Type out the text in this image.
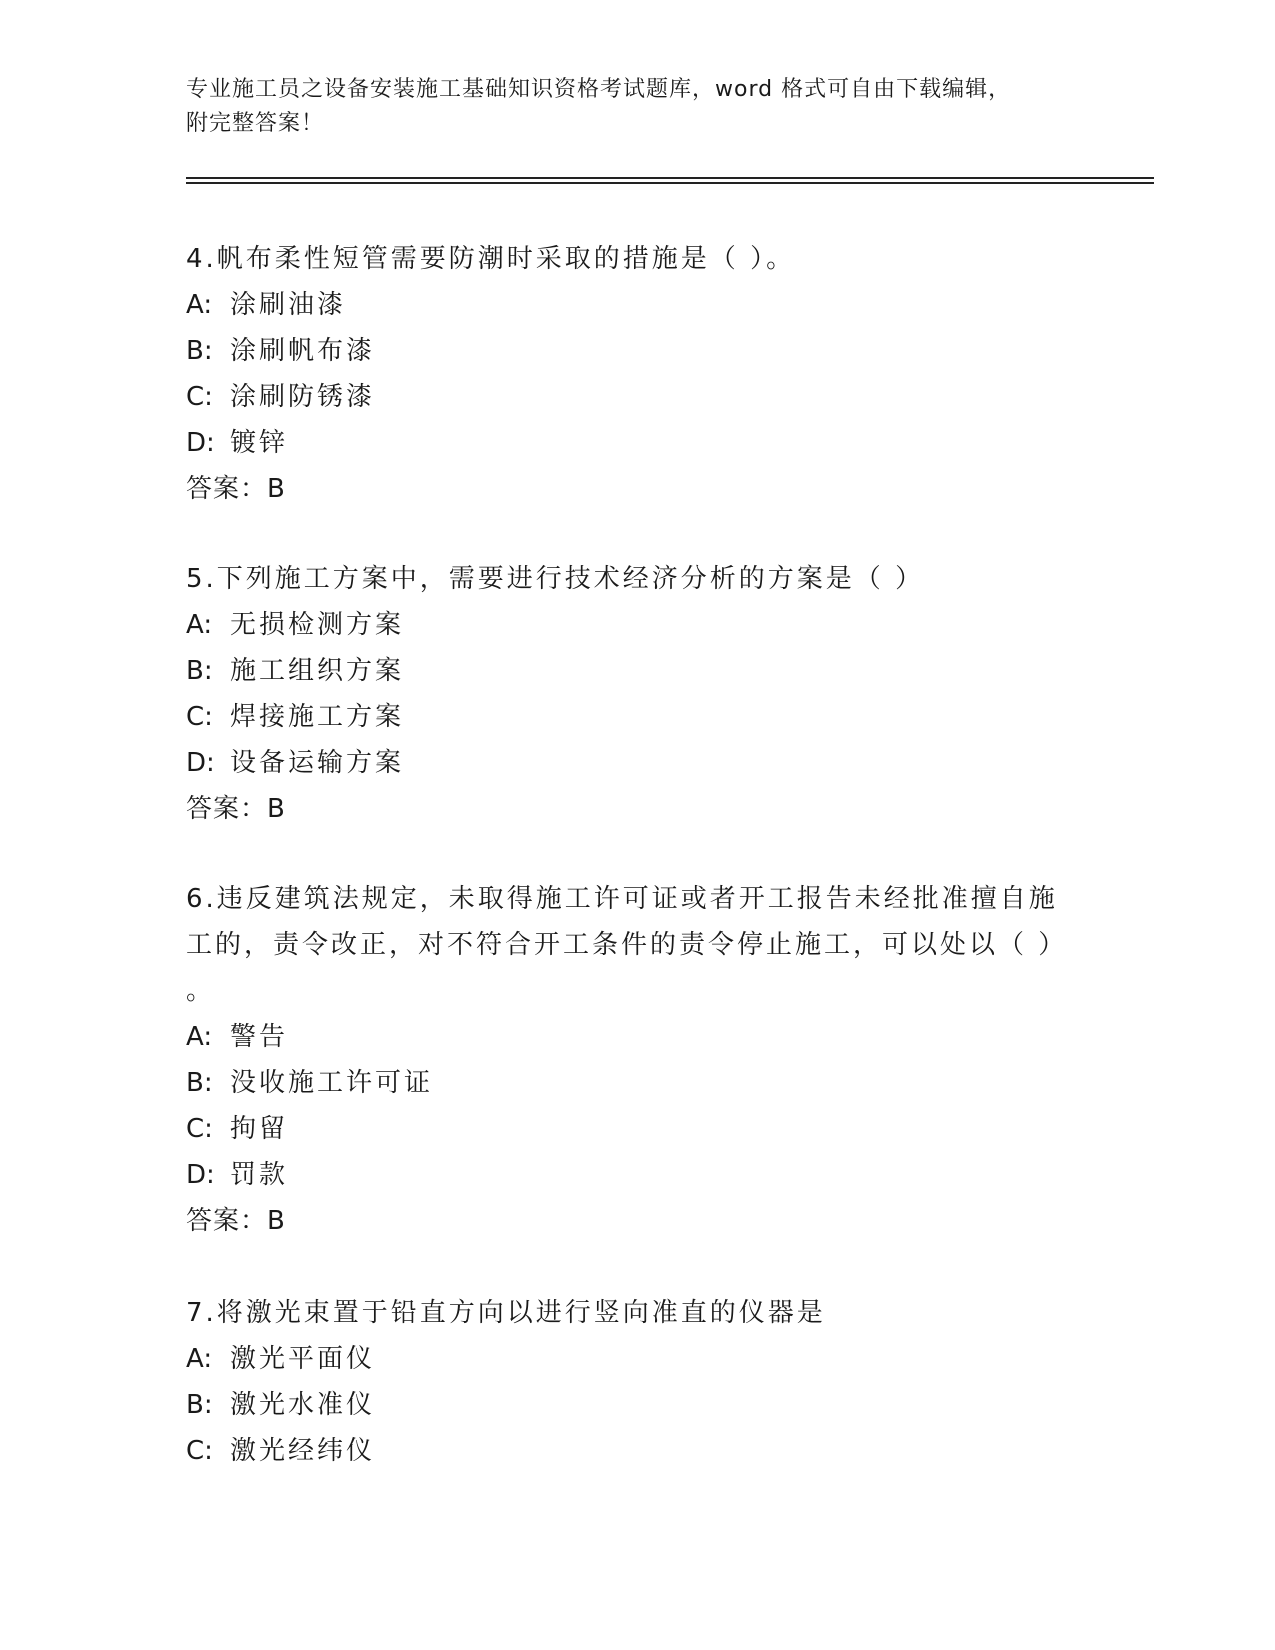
专业施工员之设备安装施工基础知识资格考试题库，word 格式可自由下载编辑，
附完整答案！
4.帆布柔性短管需要防潮时采取的措施是（ ）。
A: 涂刷油漆
B: 涂刷帆布漆
C: 涂刷防锈漆
D: 镀锌
答案：B
5.下列施工方案中，需要进行技术经济分析的方案是（ ）
A: 无损检测方案
B: 施工组织方案
C: 焊接施工方案
D: 设备运输方案
答案：B
6.违反建筑法规定，未取得施工许可证或者开工报告未经批准擅自施
工的，责令改正，对不符合开工条件的责令停止施工，可以处以（ ）
。
A: 警告
B: 没收施工许可证
C: 拘留
D: 罚款
答案：B
7.将激光束置于铅直方向以进行竖向准直的仪器是
A: 激光平面仪
B: 激光水准仪
C: 激光经纬仪
